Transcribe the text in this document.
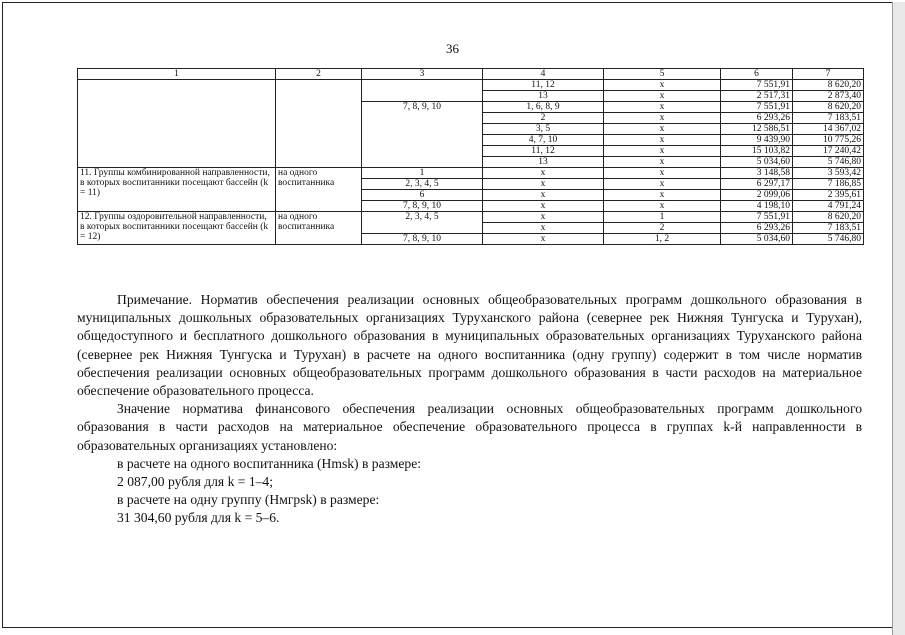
36
1	2	3	4	5	6	7
			11, 12	x	7 551,91	8 620,20
			13	x	2 517,31	2 873,40
		7, 8, 9, 10	1, 6, 8, 9	x	7 551,91	8 620,20
			2	x	6 293,26	7 183,51
			3, 5	x	12 586,51	14 367,02
			4, 7, 10	x	9 439,90	10 775,26
			11, 12	x	15 103,82	17 240,42
			13	x	5 034,60	5 746,80
11. Группы комбинированной направленности, в которых воспитанники посещают бассейн (k = 11)	на одного воспитанника	1	x	x	3 148,58	3 593,42
		2, 3, 4, 5	x	x	6 297,17	7 186,85
		6	x	x	2 099,06	2 395,61
		7, 8, 9, 10	x	x	4 198,10	4 791,24
12. Группы оздоровительной направленности, в которых воспитанники посещают бассейн (k = 12)	на одного воспитанника	2, 3, 4, 5	x	1	7 551,91	8 620,20
			x	2	6 293,26	7 183,51
		7, 8, 9, 10	x	1, 2	5 034,60	5 746,80

Примечание. Норматив обеспечения реализации основных общеобразовательных программ дошкольного образования в муниципальных дошкольных образовательных организациях Туруханского района (севернее рек Нижняя Тунгуска и Турухан), общедоступного и бесплатного дошкольного образования в муниципальных образовательных организациях Туруханского района (севернее рек Нижняя Тунгуска и Турухан) в расчете на одного воспитанника (одну группу) содержит в том числе норматив обеспечения реализации основных общеобразовательных программ дошкольного образования в части расходов на материальное обеспечение образовательного процесса.

Значение норматива финансового обеспечения реализации основных общеобразовательных программ дошкольного образования в части расходов на материальное обеспечение образовательного процесса в группах k-й направленности в образовательных организациях установлено:

в расчете на одного воспитанника (Hmsk) в размере:

2 087,00 рубля для k = 1–4;

в расчете на одну группу (Hмгpsk) в размере:

31 304,60 рубля для k = 5–6.
